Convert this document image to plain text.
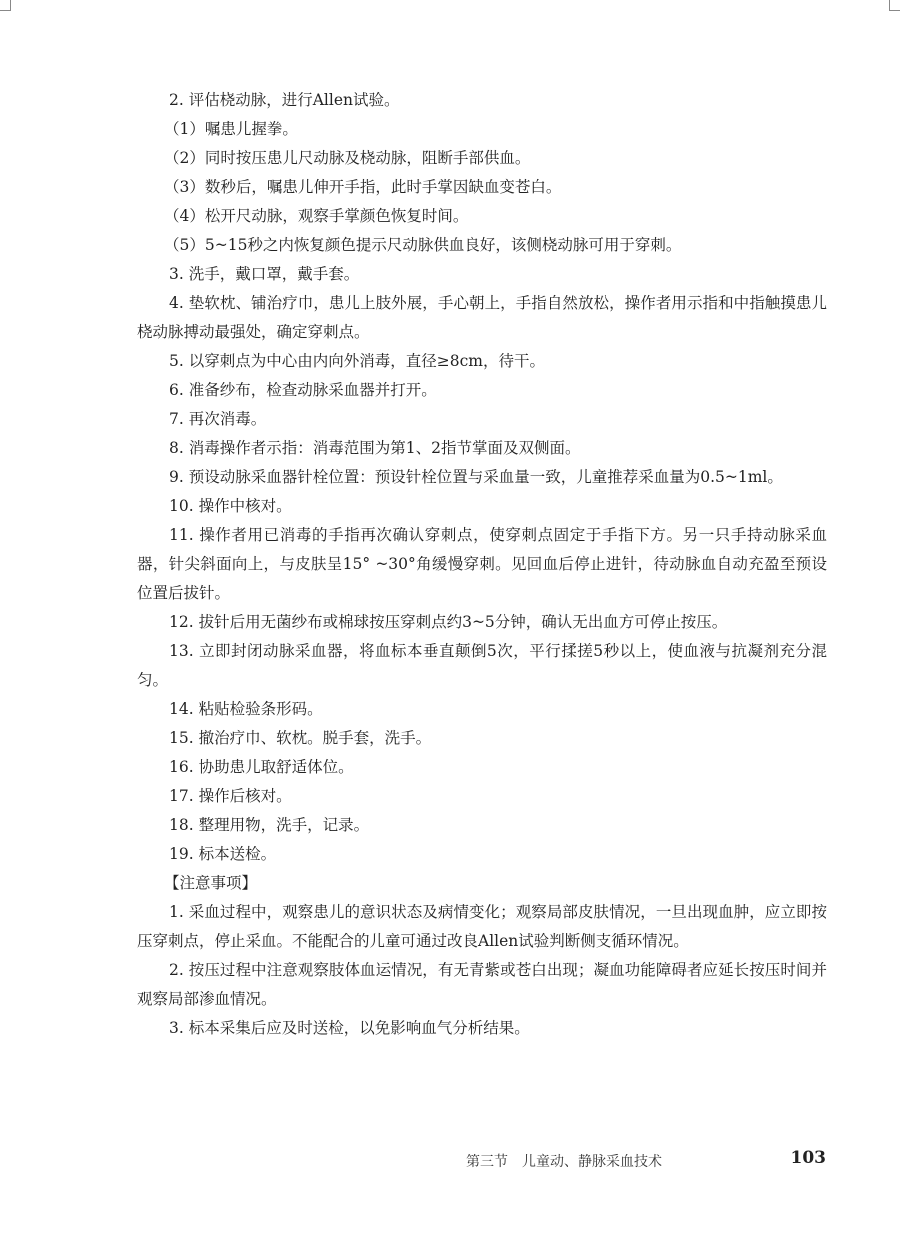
2. 评估桡动脉，进行Allen试验。

（1）嘱患儿握拳。

（2）同时按压患儿尺动脉及桡动脉，阻断手部供血。

（3）数秒后，嘱患儿伸开手指，此时手掌因缺血变苍白。

（4）松开尺动脉，观察手掌颜色恢复时间。

（5）5~15秒之内恢复颜色提示尺动脉供血良好，该侧桡动脉可用于穿刺。

3. 洗手，戴口罩，戴手套。

4. 垫软枕、铺治疗巾，患儿上肢外展，手心朝上，手指自然放松，操作者用示指和中指触摸患儿桡动脉搏动最强处，确定穿刺点。

5. 以穿刺点为中心由内向外消毒，直径≥8cm，待干。

6. 准备纱布，检查动脉采血器并打开。

7. 再次消毒。

8. 消毒操作者示指：消毒范围为第1、2指节掌面及双侧面。

9. 预设动脉采血器针栓位置：预设针栓位置与采血量一致，儿童推荐采血量为0.5~1ml。

10. 操作中核对。

11. 操作者用已消毒的手指再次确认穿刺点，使穿刺点固定于手指下方。另一只手持动脉采血器，针尖斜面向上，与皮肤呈15° ~30°角缓慢穿刺。见回血后停止进针，待动脉血自动充盈至预设位置后拔针。

12. 拔针后用无菌纱布或棉球按压穿刺点约3~5分钟，确认无出血方可停止按压。

13. 立即封闭动脉采血器，将血标本垂直颠倒5次，平行揉搓5秒以上，使血液与抗凝剂充分混匀。

14. 粘贴检验条形码。

15. 撤治疗巾、软枕。脱手套，洗手。

16. 协助患儿取舒适体位。

17. 操作后核对。

18. 整理用物，洗手，记录。

19. 标本送检。

【注意事项】

1. 采血过程中，观察患儿的意识状态及病情变化；观察局部皮肤情况，一旦出现血肿，应立即按压穿刺点，停止采血。不能配合的儿童可通过改良Allen试验判断侧支循环情况。

2. 按压过程中注意观察肢体血运情况，有无青紫或苍白出现；凝血功能障碍者应延长按压时间并观察局部渗血情况。

3. 标本采集后应及时送检，以免影响血气分析结果。

第三节　儿童动、静脉采血技术	103
